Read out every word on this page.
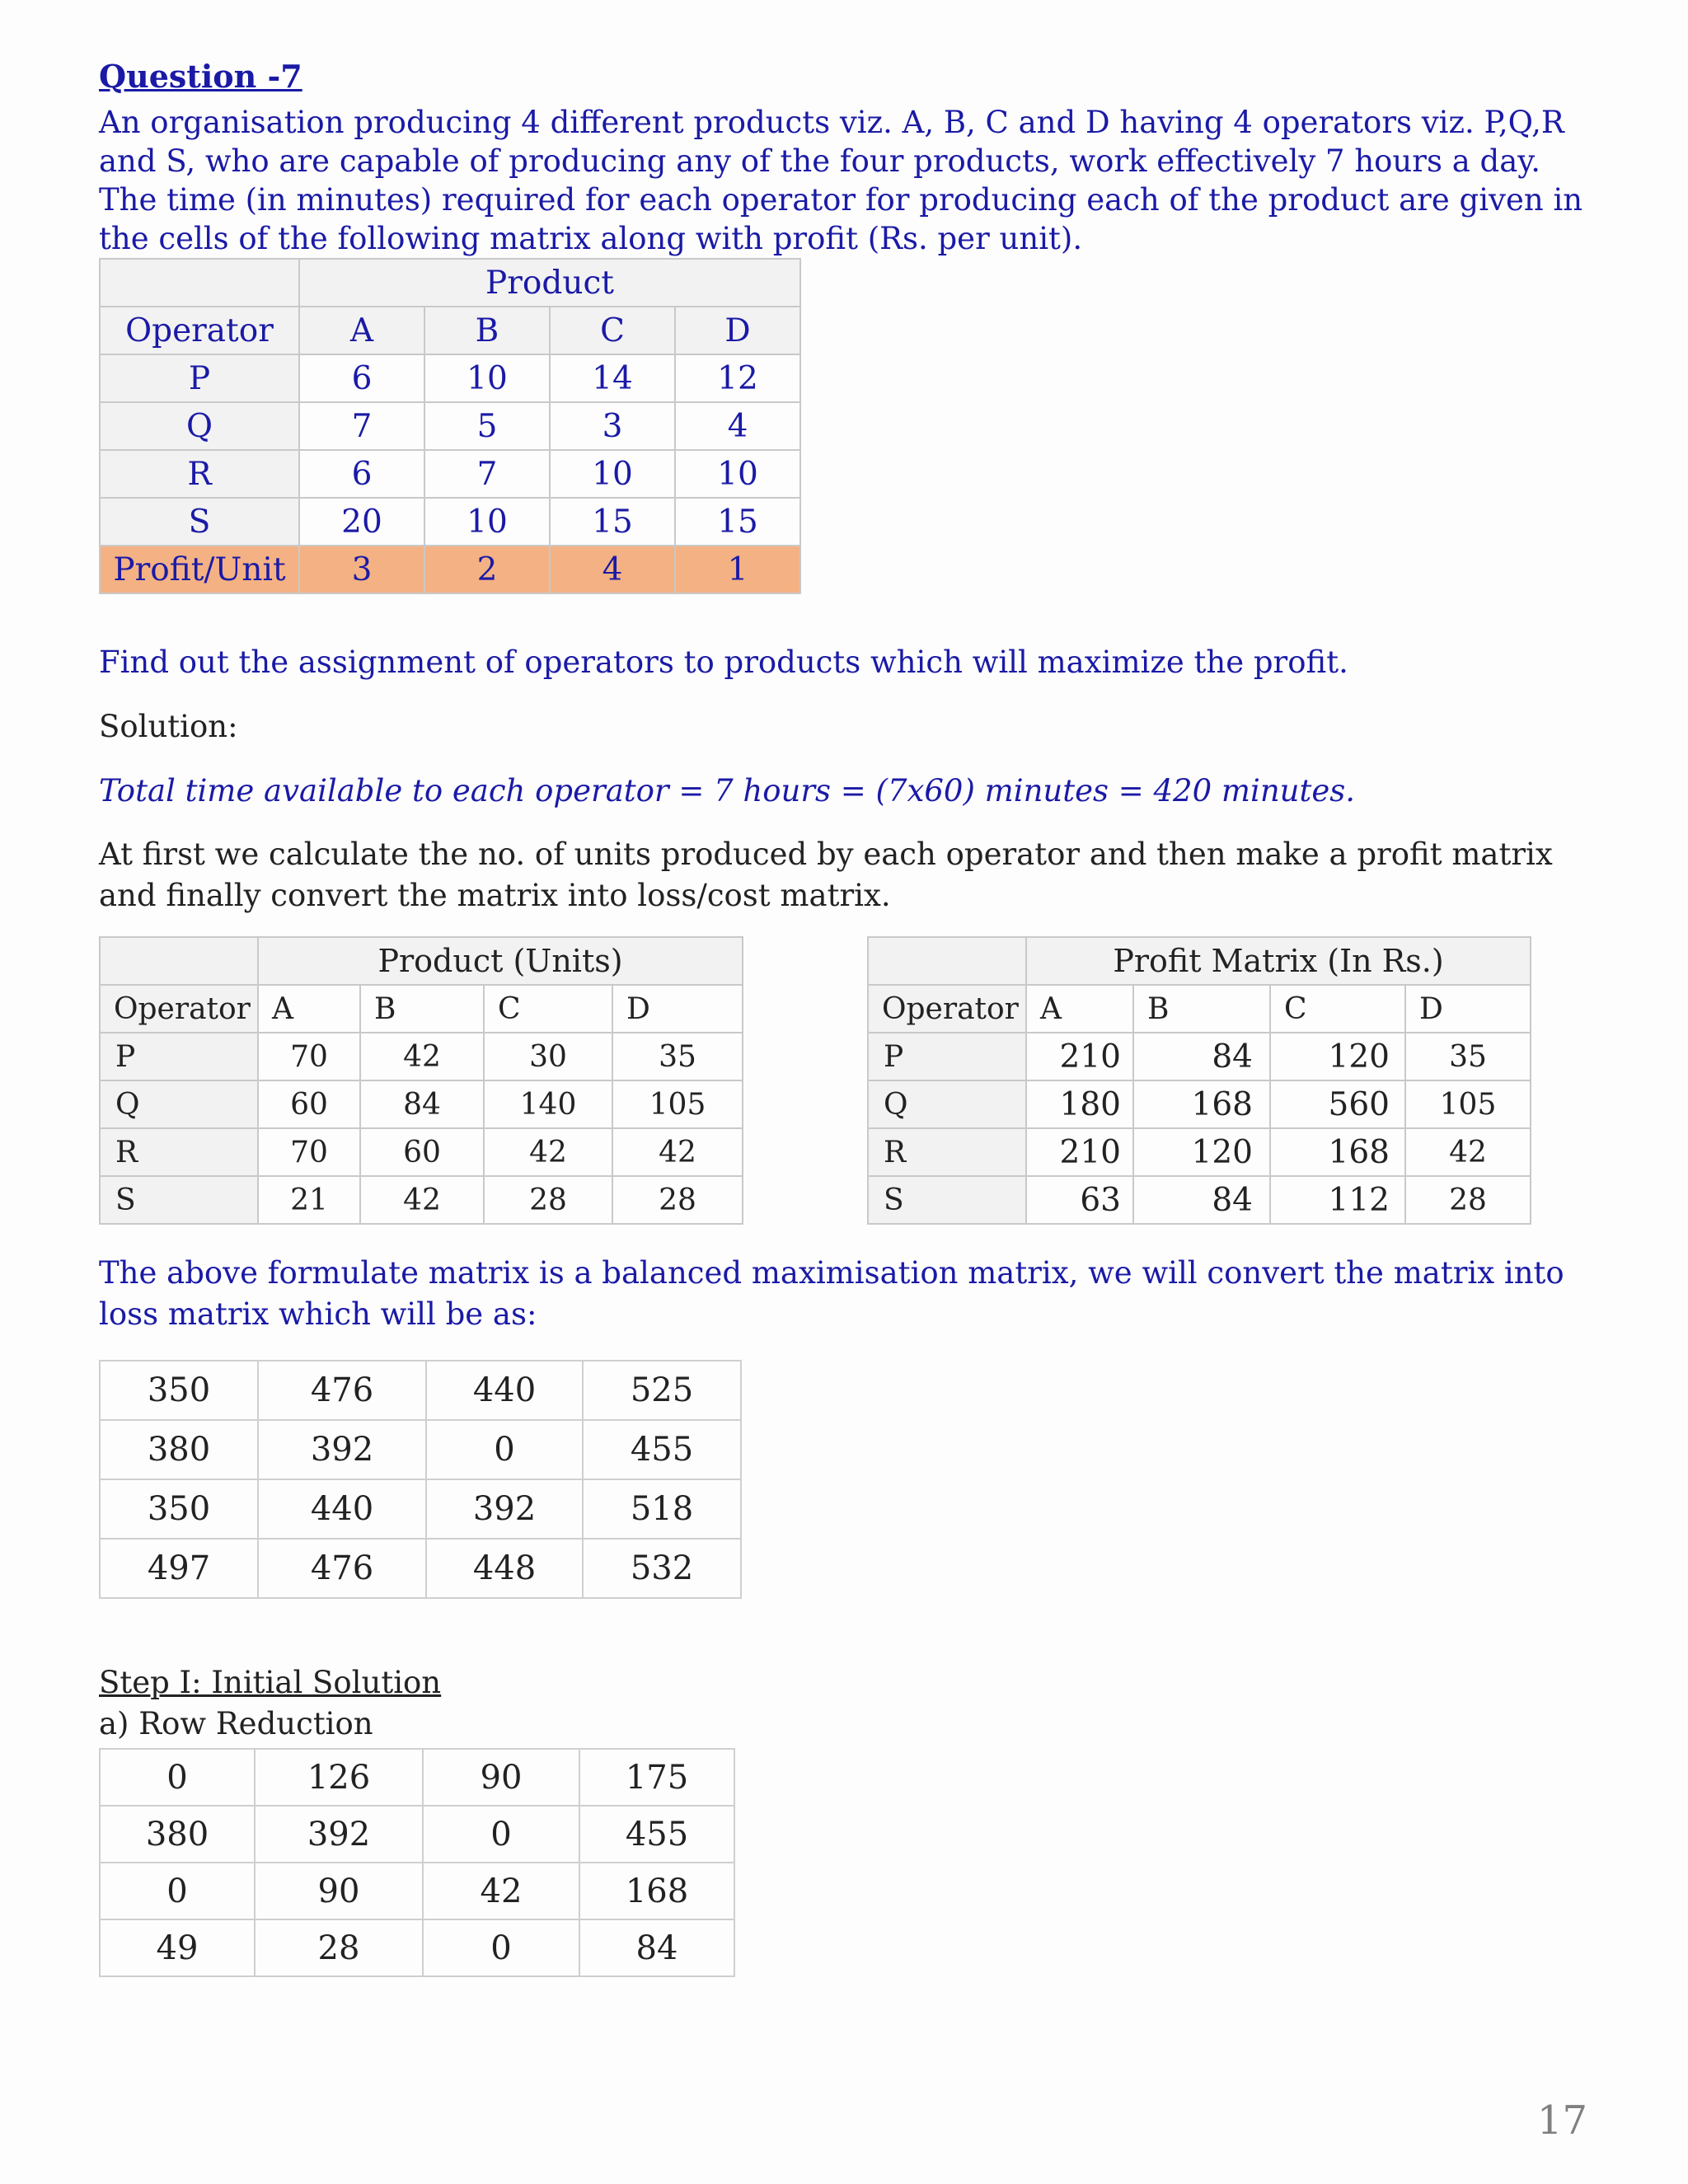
Question -7
An organisation producing 4 different products viz. A, B, C and D having 4 operators viz. P,Q,R and S, who are capable of producing any of the four products, work effectively 7 hours a day. The time (in minutes) required for each operator for producing each of the product are given in the cells of the following matrix along with profit (Rs. per unit).
	Product			
Operator	A	B	C	D
P	6	10	14	12
Q	7	5	3	4
R	6	7	10	10
S	20	10	15	15
Profit/Unit	3	2	4	1
Find out the assignment of operators to products which will maximize the profit.
Solution:
Total time available to each operator = 7 hours = (7x60) minutes = 420 minutes.
At first we calculate the no. of units produced by each operator and then make a profit matrix and finally convert the matrix into loss/cost matrix.
	Product (Units)			
Operator	A	B	C	D
P	70	42	30	35
Q	60	84	140	105
R	70	60	42	42
S	21	42	28	28
	Profit Matrix (In Rs.)			
Operator	A	B	C	D
P	210	84	120	35
Q	180	168	560	105
R	210	120	168	42
S	63	84	112	28
The above formulate matrix is a balanced maximisation matrix, we will convert the matrix into loss matrix which will be as:
350	476	440	525
380	392	0	455
350	440	392	518
497	476	448	532
Step I: Initial Solution
a) Row Reduction
0	126	90	175
380	392	0	455
0	90	42	168
49	28	0	84
17
